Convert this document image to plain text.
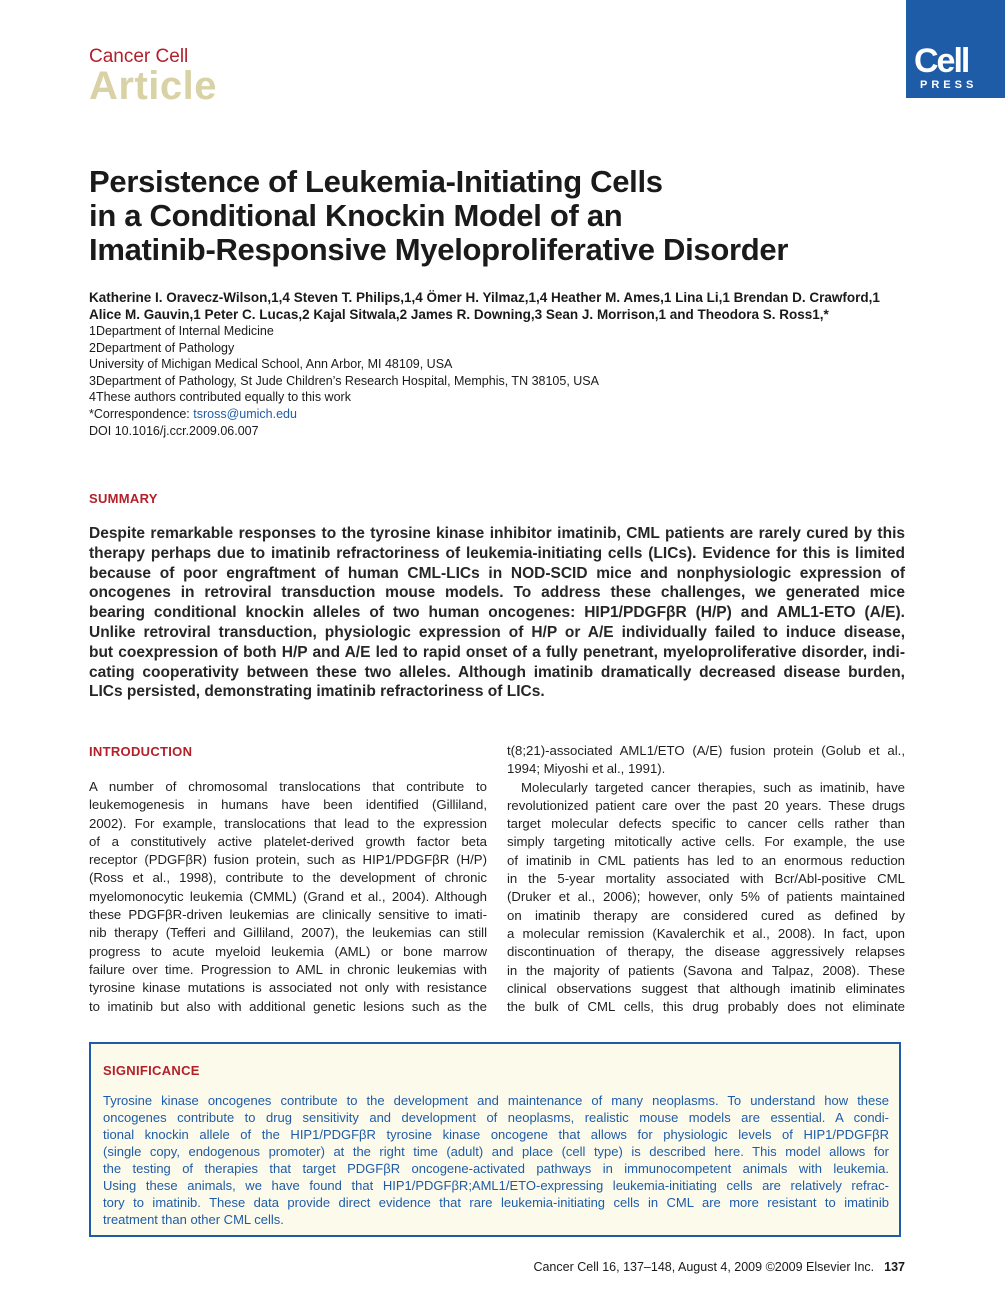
Cancer Cell
Article
Cell
PRESS
Persistence of Leukemia-Initiating Cells
in a Conditional Knockin Model of an
Imatinib-Responsive Myeloproliferative Disorder
Katherine I. Oravecz-Wilson,1,4 Steven T. Philips,1,4 Ömer H. Yilmaz,1,4 Heather M. Ames,1 Lina Li,1 Brendan D. Crawford,1
Alice M. Gauvin,1 Peter C. Lucas,2 Kajal Sitwala,2 James R. Downing,3 Sean J. Morrison,1 and Theodora S. Ross1,*
1Department of Internal Medicine
2Department of Pathology
University of Michigan Medical School, Ann Arbor, MI 48109, USA
3Department of Pathology, St Jude Children’s Research Hospital, Memphis, TN 38105, USA
4These authors contributed equally to this work
*Correspondence: tsross@umich.edu
DOI 10.1016/j.ccr.2009.06.007
SUMMARY
Despite remarkable responses to the tyrosine kinase inhibitor imatinib, CML patients are rarely cured by this
therapy perhaps due to imatinib refractoriness of leukemia-initiating cells (LICs). Evidence for this is limited
because of poor engraftment of human CML-LICs in NOD-SCID mice and nonphysiologic expression of
oncogenes in retroviral transduction mouse models. To address these challenges, we generated mice
bearing conditional knockin alleles of two human oncogenes: HIP1/PDGFβR (H/P) and AML1-ETO (A/E).
Unlike retroviral transduction, physiologic expression of H/P or A/E individually failed to induce disease,
but coexpression of both H/P and A/E led to rapid onset of a fully penetrant, myeloproliferative disorder, indi-
cating cooperativity between these two alleles. Although imatinib dramatically decreased disease burden,
LICs persisted, demonstrating imatinib refractoriness of LICs.
INTRODUCTION
A number of chromosomal translocations that contribute to
leukemogenesis in humans have been identified (Gilliland,
2002). For example, translocations that lead to the expression
of a constitutively active platelet-derived growth factor beta
receptor (PDGFβR) fusion protein, such as HIP1/PDGFβR (H/P)
(Ross et al., 1998), contribute to the development of chronic
myelomonocytic leukemia (CMML) (Grand et al., 2004). Although
these PDGFβR-driven leukemias are clinically sensitive to imati-
nib therapy (Tefferi and Gilliland, 2007), the leukemias can still
progress to acute myeloid leukemia (AML) or bone marrow
failure over time. Progression to AML in chronic leukemias with
tyrosine kinase mutations is associated not only with resistance
to imatinib but also with additional genetic lesions such as the
t(8;21)-associated AML1/ETO (A/E) fusion protein (Golub et al.,
1994; Miyoshi et al., 1991).
Molecularly targeted cancer therapies, such as imatinib, have
revolutionized patient care over the past 20 years. These drugs
target molecular defects specific to cancer cells rather than
simply targeting mitotically active cells. For example, the use
of imatinib in CML patients has led to an enormous reduction
in the 5-year mortality associated with Bcr/Abl-positive CML
(Druker et al., 2006); however, only 5% of patients maintained
on imatinib therapy are considered cured as defined by
a molecular remission (Kavalerchik et al., 2008). In fact, upon
discontinuation of therapy, the disease aggressively relapses
in the majority of patients (Savona and Talpaz, 2008). These
clinical observations suggest that although imatinib eliminates
the bulk of CML cells, this drug probably does not eliminate
SIGNIFICANCE
Tyrosine kinase oncogenes contribute to the development and maintenance of many neoplasms. To understand how these
oncogenes contribute to drug sensitivity and development of neoplasms, realistic mouse models are essential. A condi-
tional knockin allele of the HIP1/PDGFβR tyrosine kinase oncogene that allows for physiologic levels of HIP1/PDGFβR
(single copy, endogenous promoter) at the right time (adult) and place (cell type) is described here. This model allows for
the testing of therapies that target PDGFβR oncogene-activated pathways in immunocompetent animals with leukemia.
Using these animals, we have found that HIP1/PDGFβR;AML1/ETO-expressing leukemia-initiating cells are relatively refrac-
tory to imatinib. These data provide direct evidence that rare leukemia-initiating cells in CML are more resistant to imatinib
treatment than other CML cells.
Cancer Cell 16, 137–148, August 4, 2009 ©2009 Elsevier Inc. 137
